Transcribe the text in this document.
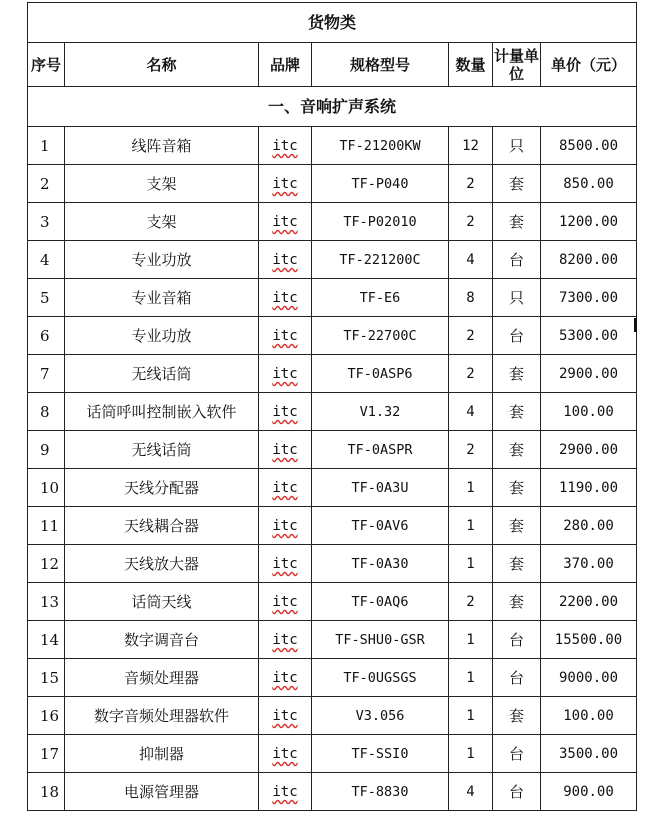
货物类						
序号	名称	品牌	规格型号	数量	计量单位	单价（元）
一、音响扩声系统						
1	线阵音箱	itc	TF-21200KW	12	只	8500.00
2	支架	itc	TF-P040	2	套	850.00
3	支架	itc	TF-P02010	2	套	1200.00
4	专业功放	itc	TF-221200C	4	台	8200.00
5	专业音箱	itc	TF-E6	8	只	7300.00
6	专业功放	itc	TF-22700C	2	台	5300.00
7	无线话筒	itc	TF-0ASP6	2	套	2900.00
8	话筒呼叫控制嵌入软件	itc	V1.32	4	套	100.00
9	无线话筒	itc	TF-0ASPR	2	套	2900.00
10	天线分配器	itc	TF-0A3U	1	套	1190.00
11	天线耦合器	itc	TF-0AV6	1	套	280.00
12	天线放大器	itc	TF-0A30	1	套	370.00
13	话筒天线	itc	TF-0AQ6	2	套	2200.00
14	数字调音台	itc	TF-SHU0-GSR	1	台	15500.00
15	音频处理器	itc	TF-0UGSGS	1	台	9000.00
16	数字音频处理器软件	itc	V3.056	1	套	100.00
17	抑制器	itc	TF-SSI0	1	台	3500.00
18	电源管理器	itc	TF-8830	4	台	900.00
